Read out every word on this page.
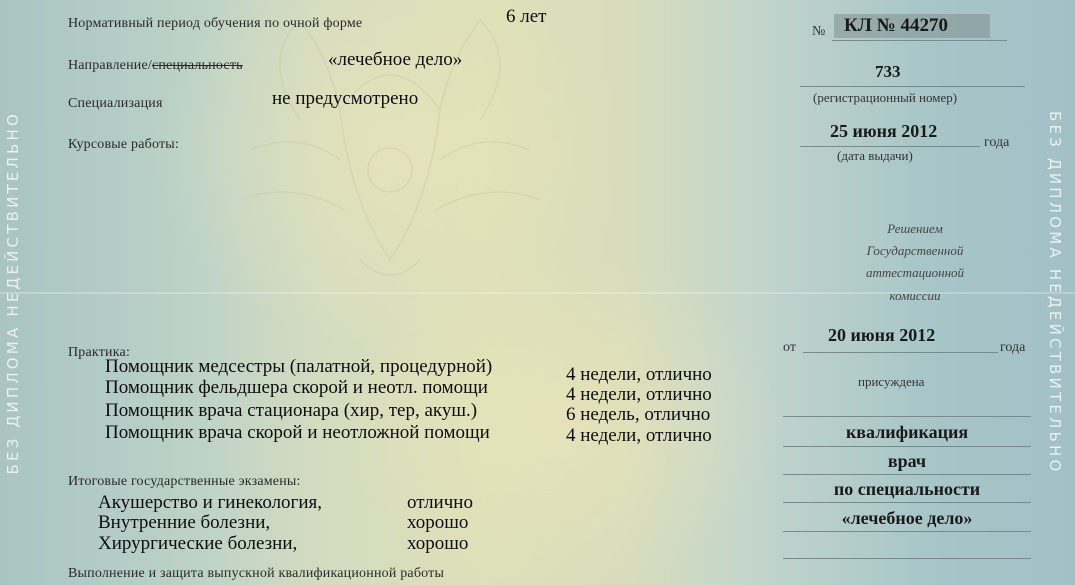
БЕЗ ДИПЛОМА НЕДЕЙСТВИТЕЛЬНО	БЕЗ ДИПЛОМА НЕДЕЙСТВИТЕЛЬНО
Нормативный период обучения по очной форме	6 лет
Направление/специальность	«лечебное дело»
Специализация	не предусмотрено
Курсовые работы:
Практика:
Помощник медсестры (палатной, процедурной)	4 недели, отлично
Помощник фельдшера скорой и неотл. помощи	4 недели, отлично
Помощник врача стационара (хир, тер, акуш.)	6 недель, отлично
Помощник врача скорой и неотложной помощи	4 недели, отлично
Итоговые государственные экзамены:
Акушерство и гинекология,	отлично
Внутренние болезни,	хорошо
Хирургические болезни,	хорошо
Выполнение и защита выпускной квалификационной работы
№ КЛ № 44270
733
(регистрационный номер)
25 июня 2012
года
(дата выдачи)
Решением
Государственной
аттестационной
комиссии
от
20 июня 2012
года
присуждена
квалификация
врач
по специальности
«лечебное дело»
